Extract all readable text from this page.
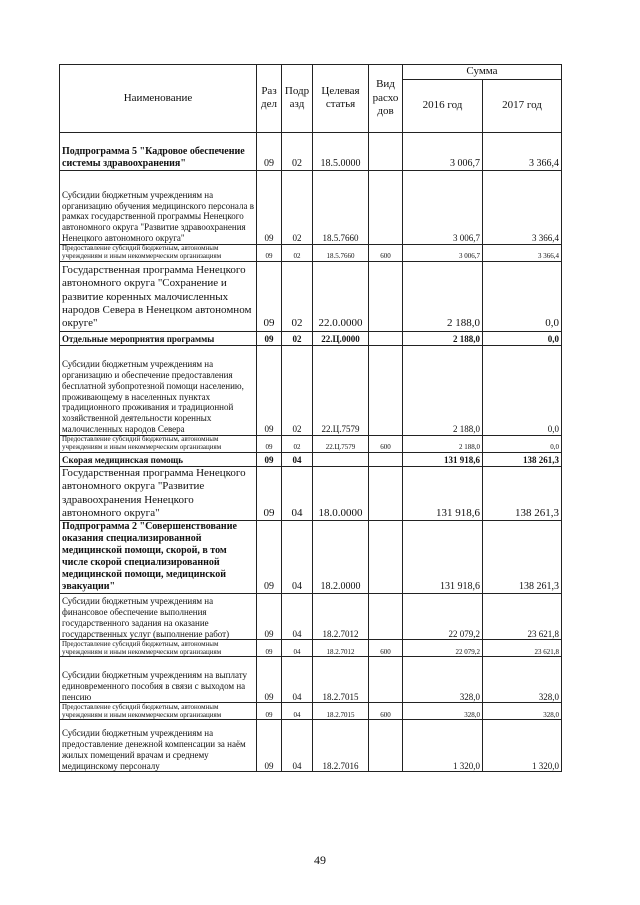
Наименование	Раз дел	Подр азд	Целевая статья	Вид расхо дов	Сумма	
					2016 год	2017 год
Подпрограмма 5 "Кадровое обеспечение системы здравоохранения"	09	02	18.5.0000		3 006,7	3 366,4
Субсидии бюджетным учреждениям на организацию обучения медицинского персонала в рамках государственной программы Ненецкого автономного округа "Развитие здравоохранения Ненецкого автономного округа"	09	02	18.5.7660		3 006,7	3 366,4
Предоставление субсидий бюджетным, автономным учреждениям и иным некоммерческим организациям	09	02	18.5.7660	600	3 006,7	3 366,4
Государственная программа Ненецкого автономного округа "Сохранение и развитие коренных малочисленных народов Севера в Ненецком автономном округе"	09	02	22.0.0000		2 188,0	0,0
Отдельные мероприятия программы	09	02	22.Ц.0000		2 188,0	0,0
Субсидии бюджетным учреждениям на организацию и обеспечение предоставления бесплатной зубопротезной помощи населению, проживающему в населенных пунктах традиционного проживания и традиционной хозяйственной деятельности коренных малочисленных народов Севера	09	02	22.Ц.7579		2 188,0	0,0
Предоставление субсидий бюджетным, автономным учреждениям и иным некоммерческим организациям	09	02	22.Ц.7579	600	2 188,0	0,0
Скорая медицинская помощь	09	04			131 918,6	138 261,3
Государственная программа Ненецкого автономного округа "Развитие здравоохранения Ненецкого автономного округа"	09	04	18.0.0000		131 918,6	138 261,3
Подпрограмма 2 "Совершенствование оказания специализированной медицинской помощи, скорой, в том числе скорой специализированной медицинской помощи, медицинской эвакуации"	09	04	18.2.0000		131 918,6	138 261,3
Субсидии бюджетным учреждениям на финансовое обеспечение выполнения государственного задания на оказание государственных услуг (выполнение работ)	09	04	18.2.7012		22 079,2	23 621,8
Предоставление субсидий бюджетным, автономным учреждениям и иным некоммерческим организациям	09	04	18.2.7012	600	22 079,2	23 621,8
Субсидии бюджетным учреждениям на выплату единовременного пособия в связи с выходом на пенсию	09	04	18.2.7015		328,0	328,0
Предоставление субсидий бюджетным, автономным учреждениям и иным некоммерческим организациям	09	04	18.2.7015	600	328,0	328,0
Субсидии бюджетным учреждениям на предоставление денежной компенсации за наём жилых помещений врачам и среднему медицинскому персоналу	09	04	18.2.7016		1 320,0	1 320,0
49
